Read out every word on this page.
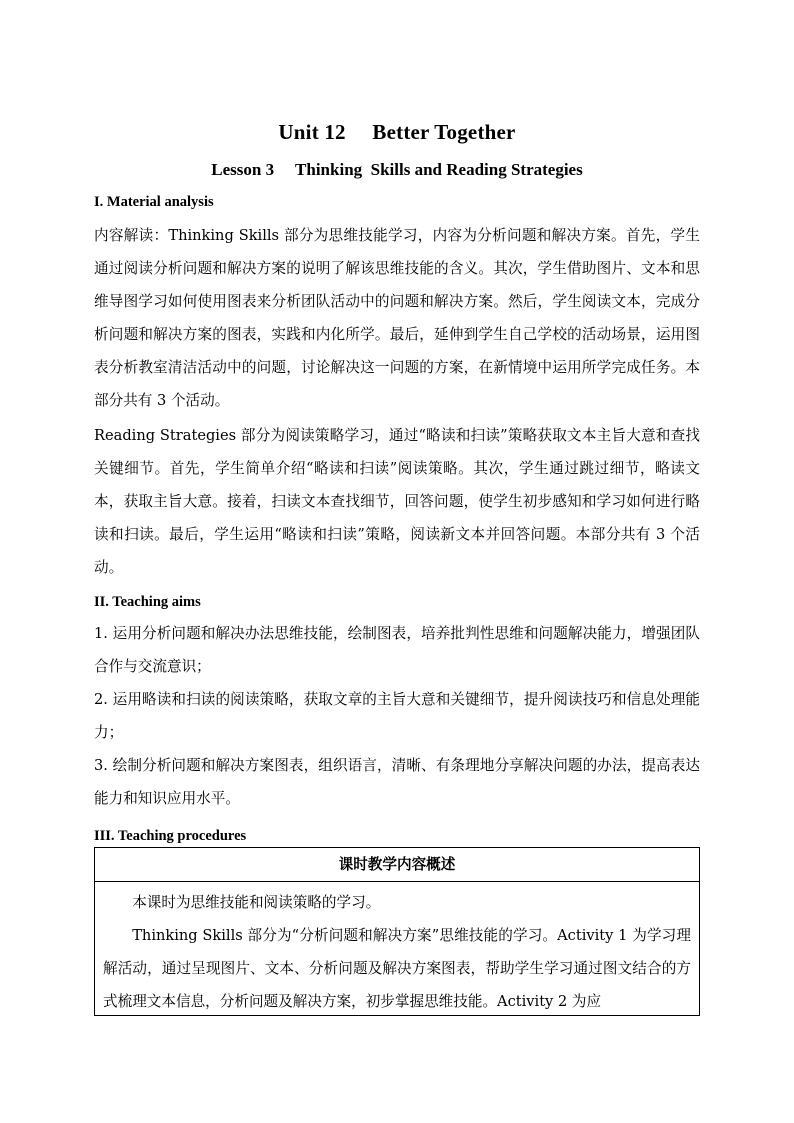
Unit 12　 Better Together
Lesson 3　 Thinking  Skills and Reading Strategies

I. Material analysis

内容解读：Thinking Skills 部分为思维技能学习，内容为分析问题和解决方案。首先，学生通过阅读分析问题和解决方案的说明了解该思维技能的含义。其次，学生借助图片、文本和思维导图学习如何使用图表来分析团队活动中的问题和解决方案。然后，学生阅读文本，完成分析问题和解决方案的图表，实践和内化所学。最后，延伸到学生自己学校的活动场景，运用图表分析教室清洁活动中的问题，讨论解决这一问题的方案，在新情境中运用所学完成任务。本部分共有 3 个活动。

Reading Strategies 部分为阅读策略学习，通过“略读和扫读”策略获取文本主旨大意和查找关键细节。首先，学生简单介绍“略读和扫读”阅读策略。其次，学生通过跳过细节，略读文本，获取主旨大意。接着，扫读文本查找细节，回答问题，使学生初步感知和学习如何进行略读和扫读。最后，学生运用“略读和扫读”策略，阅读新文本并回答问题。本部分共有 3 个活动。

II. Teaching aims

1. 运用分析问题和解决办法思维技能，绘制图表，培养批判性思维和问题解决能力，增强团队合作与交流意识；

2. 运用略读和扫读的阅读策略，获取文章的主旨大意和关键细节，提升阅读技巧和信息处理能力；

3. 绘制分析问题和解决方案图表，组织语言，清晰、有条理地分享解决问题的办法，提高表达能力和知识应用水平。

III. Teaching procedures

课时教学内容概述

本课时为思维技能和阅读策略的学习。

Thinking Skills 部分为“分析问题和解决方案”思维技能的学习。Activity 1 为学习理解活动，通过呈现图片、文本、分析问题及解决方案图表，帮助学生学习通过图文结合的方式梳理文本信息，分析问题及解决方案，初步掌握思维技能。Activity 2 为应
